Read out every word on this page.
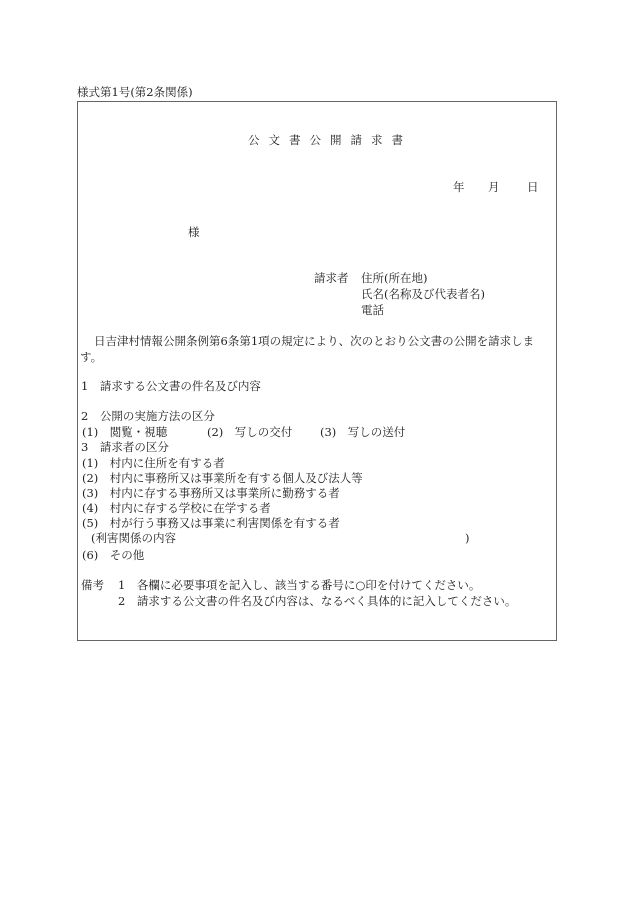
様式第1号(第2条関係)
公文書公開請求書
年 月 日
様
請求者 住所(所在地)
氏名(名称及び代表者名)
電話
日吉津村情報公開条例第6条第1項の規定により、次のとおり公文書の公開を請求しま
す。
1　請求する公文書の件名及び内容
2　公開の実施方法の区分
(1)　閲覧・視聴	(2)　写しの交付 (3)　写しの送付
3　請求者の区分
(1)　村内に住所を有する者
(2)　村内に事務所又は事業所を有する個人及び法人等
(3)　村内に存する事務所又は事業所に勤務する者
(4)　村内に存する学校に在学する者
(5)　村が行う事務又は事業に利害関係を有する者
(利害関係の内容	)
(6)　その他
備考 1　各欄に必要事項を記入し、該当する番号に○印を付けてください。
2　請求する公文書の件名及び内容は、なるべく具体的に記入してください。
